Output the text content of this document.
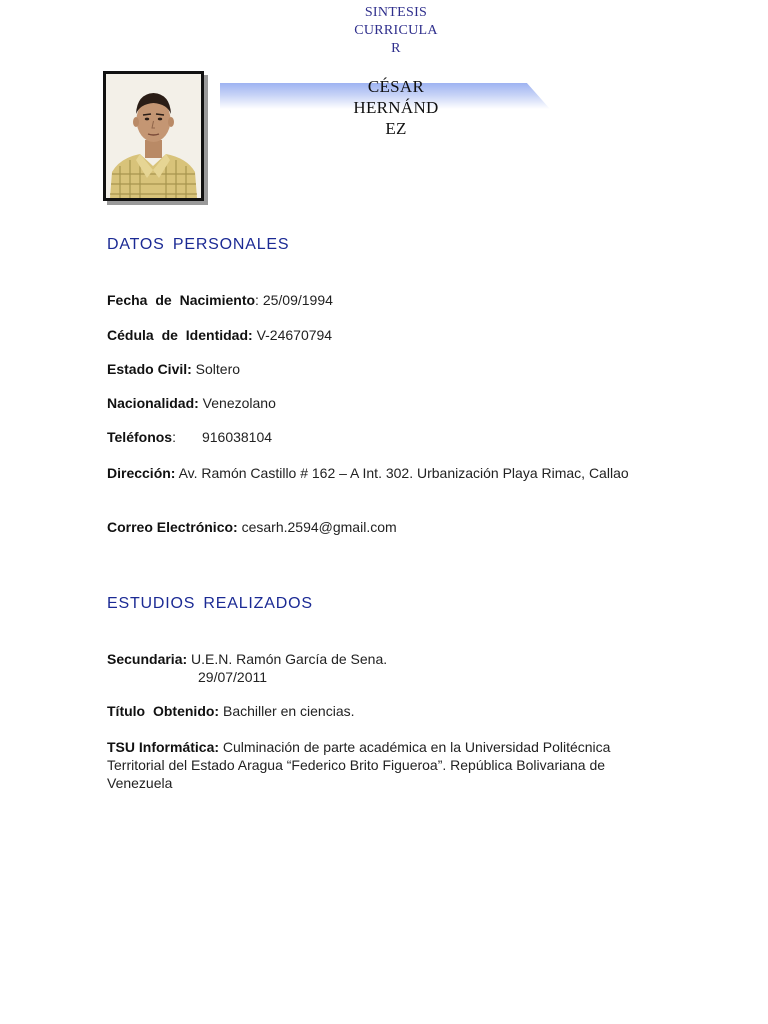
SINTESIS
CURRICULA
R
CÉSAR
HERNÁND
EZ
DATOS PERSONALES
Fecha de Nacimiento: 25/09/1994
Cédula de Identidad: V-24670794
Estado Civil: Soltero
Nacionalidad: Venezolano
Teléfonos: 916038104
Dirección: Av. Ramón Castillo # 162 – A Int. 302. Urbanización Playa Rimac, Callao
Correo Electrónico: cesarh.2594@gmail.com
ESTUDIOS REALIZADOS
Secundaria: U.E.N. Ramón García de Sena.
29/07/2011
Título Obtenido: Bachiller en ciencias.
TSU Informática: Culminación de parte académica en la Universidad Politécnica Territorial del Estado Aragua “Federico Brito Figueroa”. República Bolivariana de Venezuela
